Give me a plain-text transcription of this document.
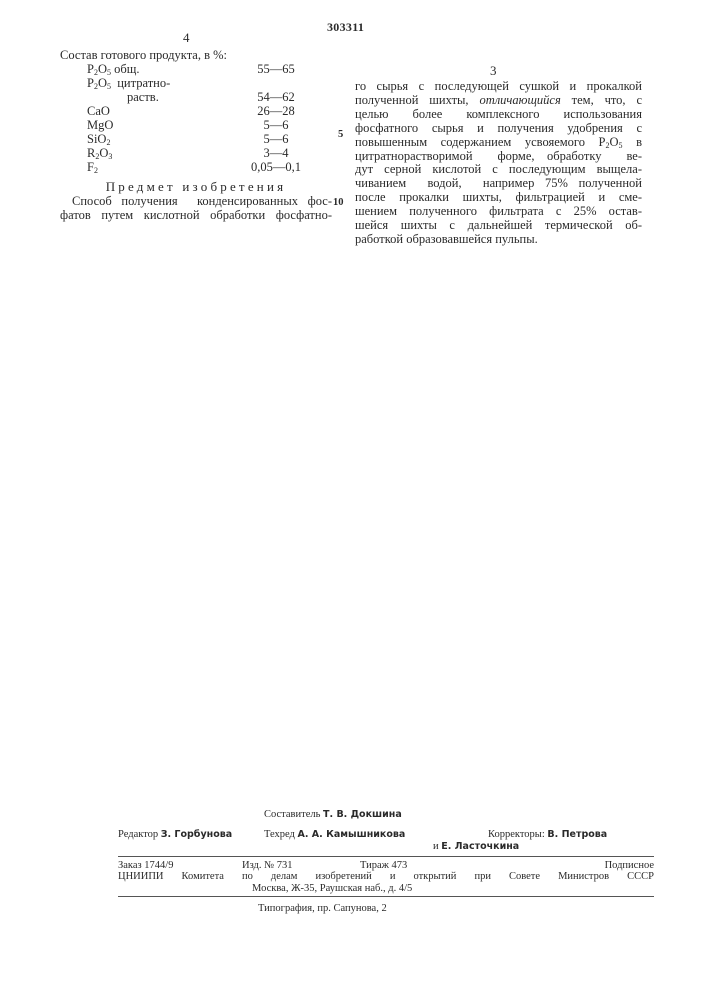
303311
4
3
Состав готового продукта, в %:
$P_2O_5$ общ.	55—65
$P_2O_5$  цитратно-
раств.	54—62
CaO	26—28
MgO	5—6
SiO$_2$	5—6
$R_2O_3$	3—4
$F_2$	0,05—0,1
Предмет изобретения
Способ получения  конденсированных фос-
фатов путем кислотной обработки фосфатно-
5
10
го сырья с последующей сушкой и прокалкой
полученной шихты, отличающийся тем, что, с
целью  более  комплексного  использования
фосфатного сырья и получения удобрения с
повышенным содержанием усвояемого $P_2O_5$ в
цитратнорастворимой  форме, обработку  ве-
дут серной кислотой с последующим выщела-
чиванием  водой,  например 75% полученной
после прокалки шихты, фильтрацией и сме-
шением полученного фильтрата с 25% остав-
шейся шихты с дальнейшей термической об-
работкой образовавшейся пульпы.
Составитель Т. В. Докшина
Редактор З. Горбунова	Техред А. А. Камышникова	Корректоры: В. Петрова
и Е. Ласточкина
Заказ 1744/9	Изд. № 731	Тираж 473	Подписное
ЦНИИПИ Комитета по делам изобретений и открытий при Совете Министров СССР
Москва, Ж-35, Раушская наб., д. 4/5
Типография, пр. Сапунова, 2
